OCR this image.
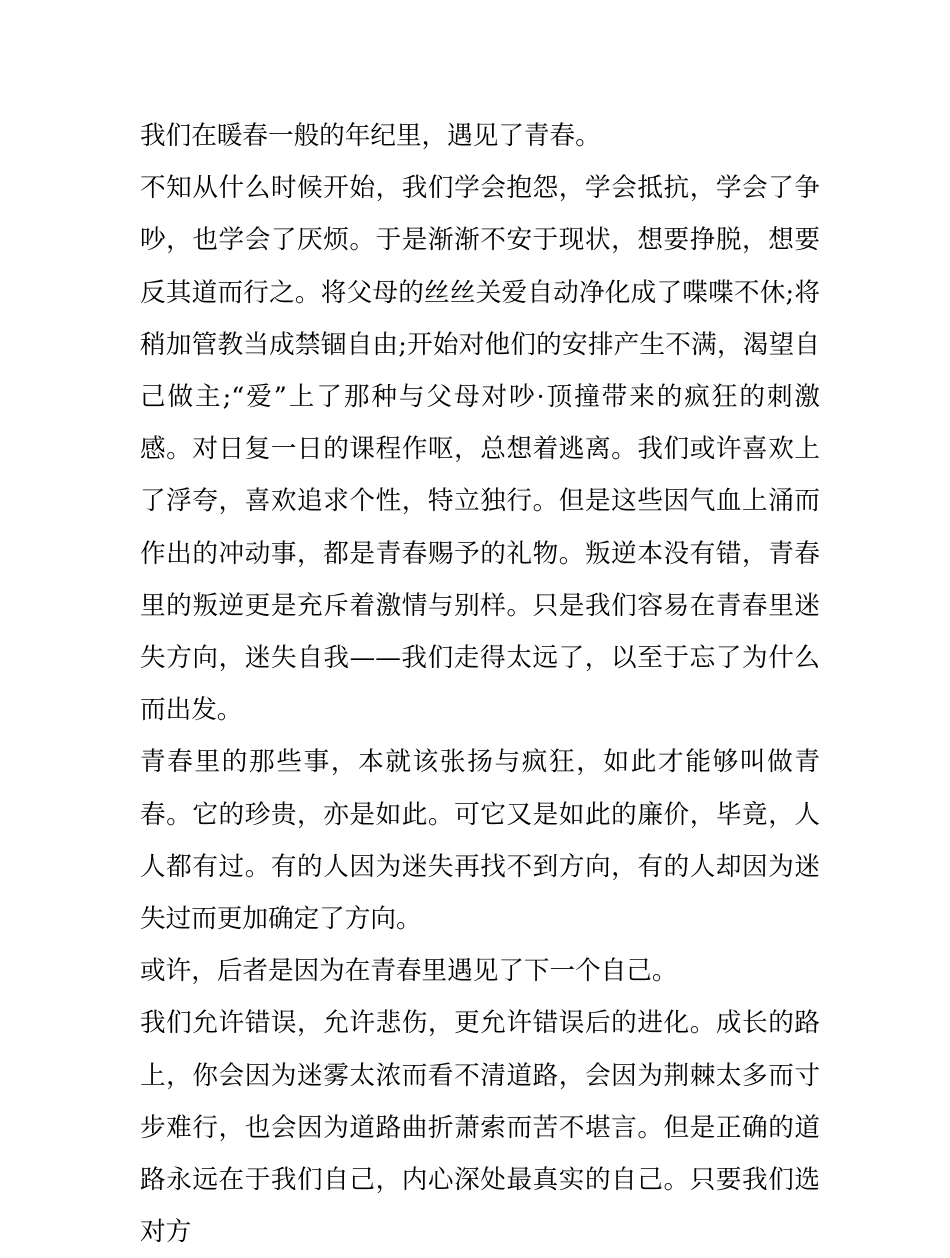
我们在暖春一般的年纪里，遇见了青春。

不知从什么时候开始，我们学会抱怨，学会抵抗，学会了争吵，也学会了厌烦。于是渐渐不安于现状，想要挣脱，想要反其道而行之。将父母的丝丝关爱自动净化成了喋喋不休;将稍加管教当成禁锢自由;开始对他们的安排产生不满，渴望自己做主;“爱”上了那种与父母对吵·顶撞带来的疯狂的刺激感。对日复一日的课程作呕，总想着逃离。我们或许喜欢上了浮夸，喜欢追求个性，特立独行。但是这些因气血上涌而作出的冲动事，都是青春赐予的礼物。叛逆本没有错，青春里的叛逆更是充斥着激情与别样。只是我们容易在青春里迷失方向，迷失自我——我们走得太远了，以至于忘了为什么而出发。

青春里的那些事，本就该张扬与疯狂，如此才能够叫做青春。它的珍贵，亦是如此。可它又是如此的廉价，毕竟，人人都有过。有的人因为迷失再找不到方向，有的人却因为迷失过而更加确定了方向。

或许，后者是因为在青春里遇见了下一个自己。

我们允许错误，允许悲伤，更允许错误后的进化。成长的路上，你会因为迷雾太浓而看不清道路，会因为荆棘太多而寸步难行，也会因为道路曲折萧索而苦不堪言。但是正确的道路永远在于我们自己，内心深处最真实的自己。只要我们选对方
